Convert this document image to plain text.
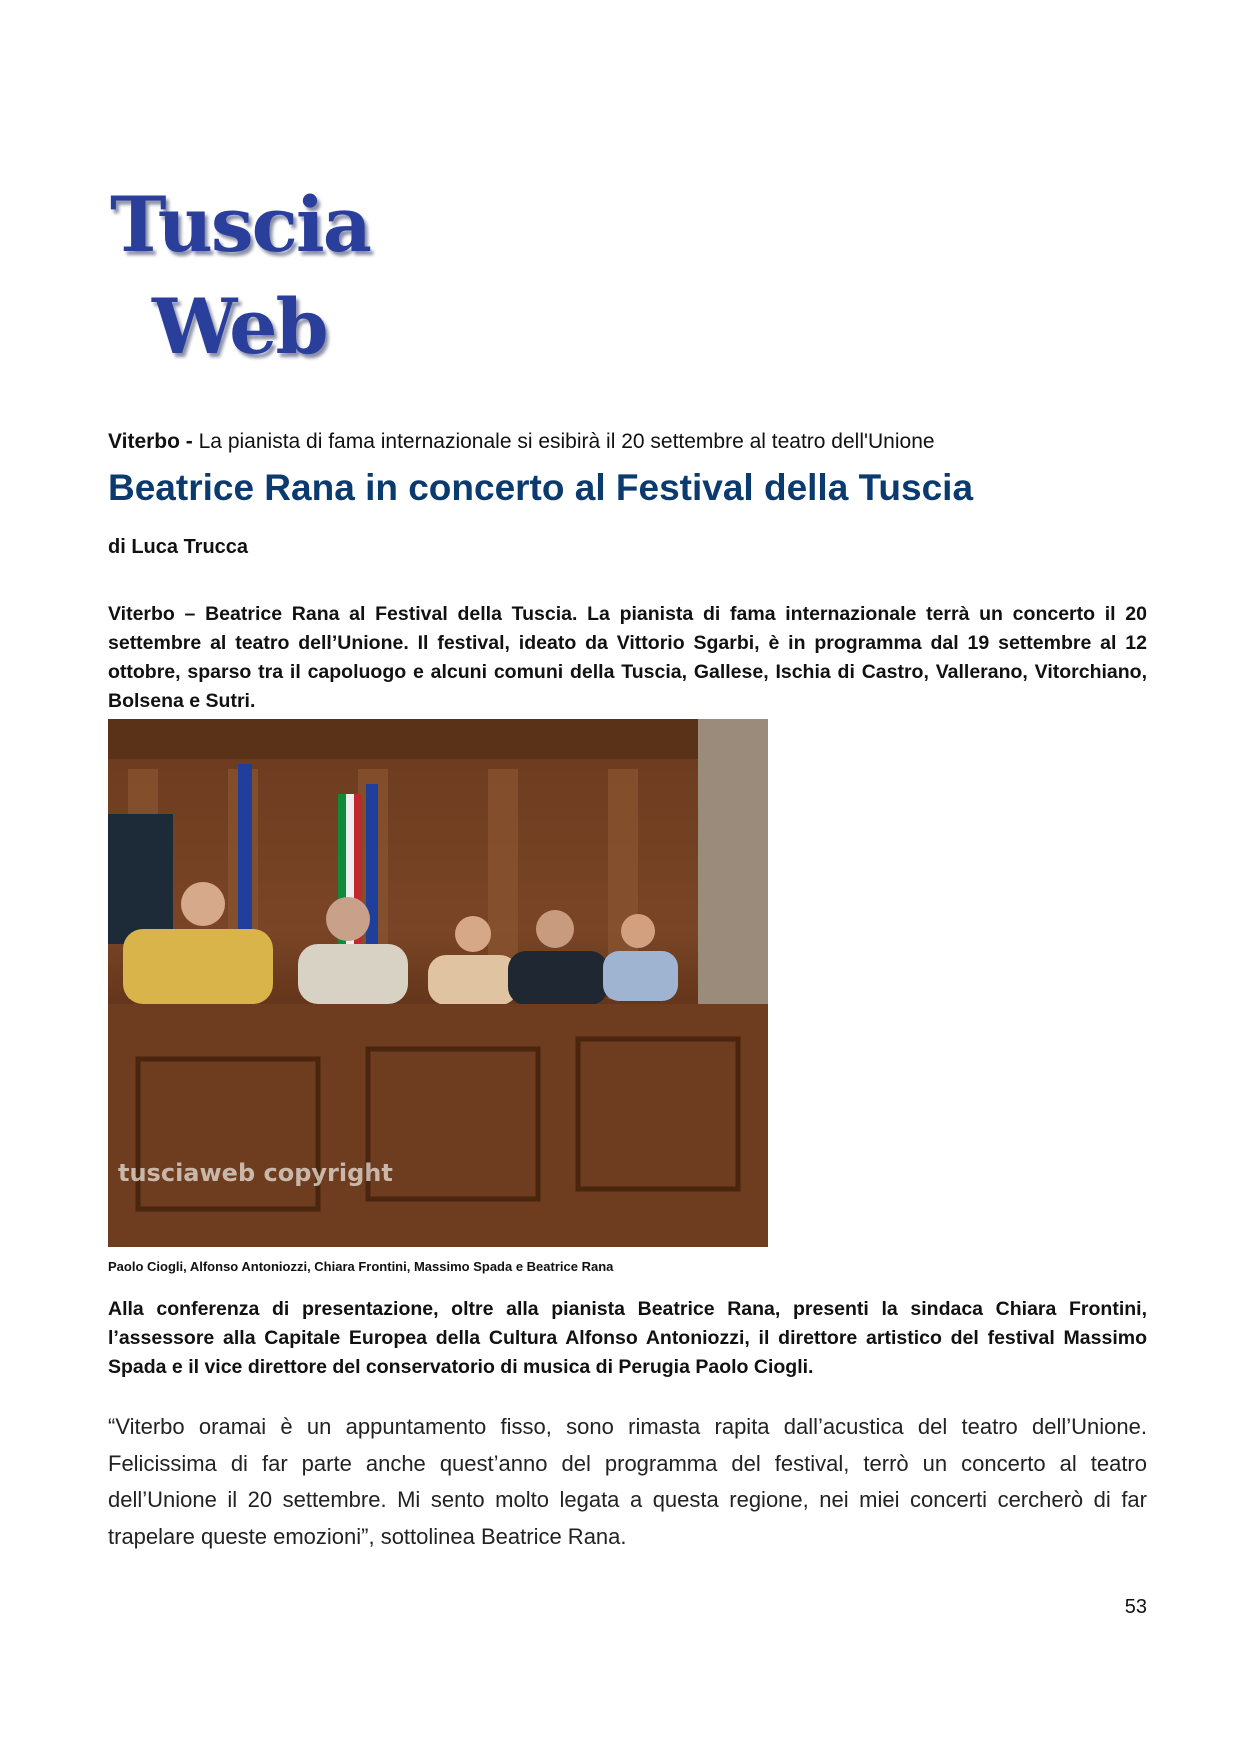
Tuscia
Web
Viterbo - La pianista di fama internazionale si esibirà il 20 settembre al teatro dell'Unione
Beatrice Rana in concerto al Festival della Tuscia
di Luca Trucca
Viterbo – Beatrice Rana al Festival della Tuscia. La pianista di fama internazionale terrà un concerto il 20 settembre al teatro dell’Unione. Il festival, ideato da Vittorio Sgarbi, è in programma dal 19 settembre al 12 ottobre, sparso tra il capoluogo e alcuni comuni della Tuscia, Gallese, Ischia di Castro, Vallerano, Vitorchiano, Bolsena e Sutri.
tusciaweb copyright
Paolo Ciogli, Alfonso Antoniozzi, Chiara Frontini, Massimo Spada e Beatrice Rana
Alla conferenza di presentazione, oltre alla pianista Beatrice Rana, presenti la sindaca Chiara Frontini, l’assessore alla Capitale Europea della Cultura Alfonso Antoniozzi, il direttore artistico del festival Massimo Spada e il vice direttore del conservatorio di musica di Perugia Paolo Ciogli.
“Viterbo oramai è un appuntamento fisso, sono rimasta rapita dall’acustica del teatro dell’Unione. Felicissima di far parte anche quest’anno del programma del festival, terrò un concerto al teatro dell’Unione il 20 settembre. Mi sento molto legata a questa regione, nei miei concerti cercherò di far trapelare queste emozioni”, sottolinea Beatrice Rana.
53
